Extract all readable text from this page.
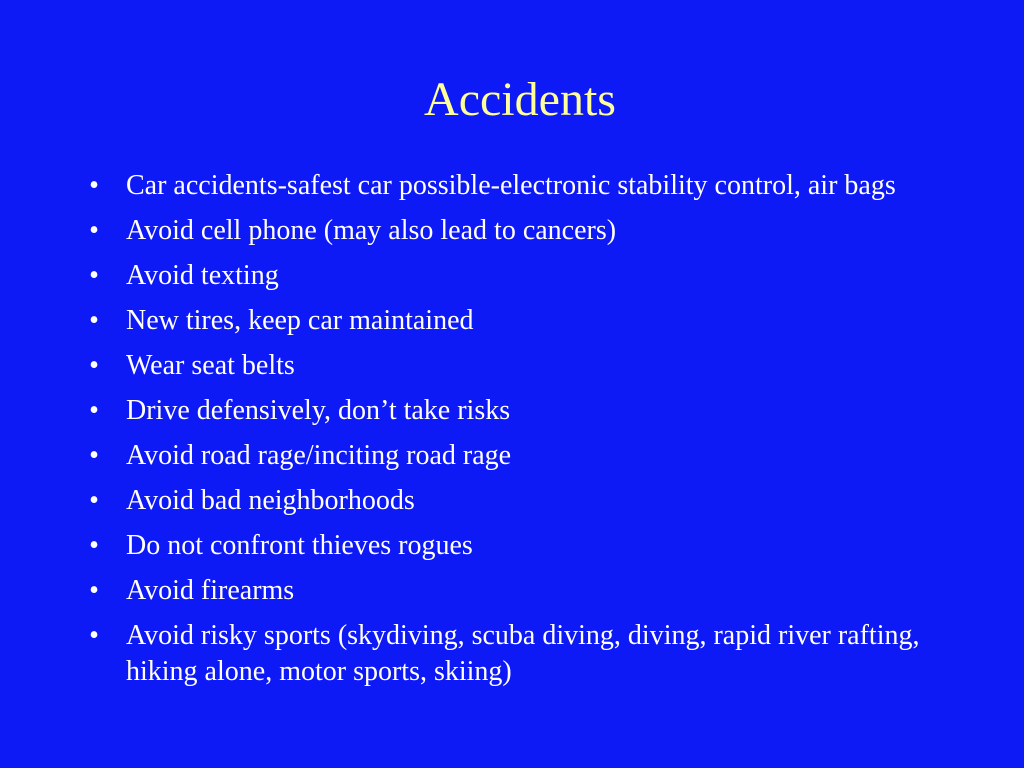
Accidents
• Car accidents-safest car possible-electronic stability control, air bags
• Avoid cell phone (may also lead to cancers)
• Avoid texting
• New tires, keep car maintained
• Wear seat belts
• Drive defensively, don’t take risks
• Avoid road rage/inciting road rage
• Avoid bad neighborhoods
• Do not confront thieves rogues
• Avoid firearms
• Avoid risky sports (skydiving, scuba diving, diving, rapid river rafting, hiking alone, motor sports, skiing)
